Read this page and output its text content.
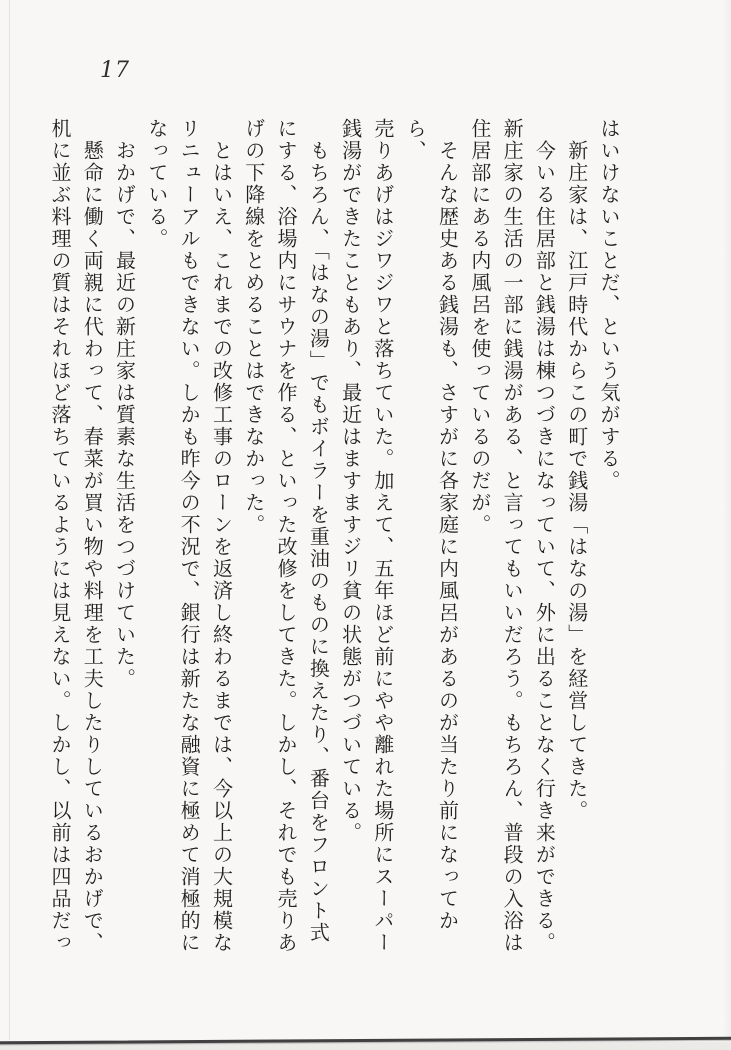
17
はいけないことだ、という気がする。
新庄家は、江戸時代からこの町で銭湯「はなの湯」を経営してきた。
今いる住居部と銭湯は棟つづきになっていて、外に出ることなく行き来ができる。
新庄家の生活の一部に銭湯がある、と言ってもいいだろう。もちろん、普段の入浴は
住居部にある内風呂を使っているのだが。
そんな歴史ある銭湯も、さすがに各家庭に内風呂があるのが当たり前になってから、
売りあげはジワジワと落ちていた。加えて、五年ほど前にやや離れた場所にスーパー
銭湯ができたこともあり、最近はますますジリ貧の状態がつづいている。
もちろん、「はなの湯」でもボイラーを重油のものに換えたり、番台をフロント式
にする、浴場内にサウナを作る、といった改修をしてきた。しかし、それでも売りあ
げの下降線をとめることはできなかった。
とはいえ、これまでの改修工事のローンを返済し終わるまでは、今以上の大規模な
リニューアルもできない。しかも昨今の不況で、銀行は新たな融資に極めて消極的に
なっている。
おかげで、最近の新庄家は質素な生活をつづけていた。
懸命に働く両親に代わって、春菜が買い物や料理を工夫したりしているおかげで、
机に並ぶ料理の質はそれほど落ちているようには見えない。しかし、以前は四品だっ
